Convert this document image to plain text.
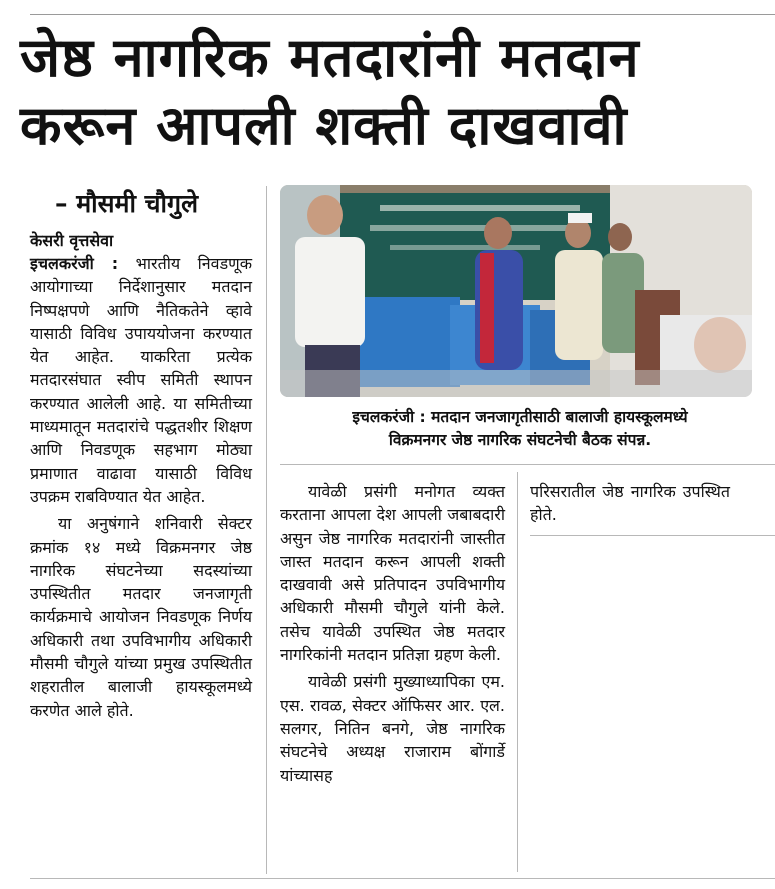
जेष्ठ नागरिक मतदारांनी मतदान
करून आपली शक्ती दाखवावी
– मौसमी चौगुले
केसरी वृत्तसेवा

इचलकरंजी : भारतीय निवडणूक आयोगाच्या निर्देशानुसार मतदान निष्पक्षपणे आणि नैतिकतेने व्हावे यासाठी विविध उपाययोजना करण्यात येत आहेत. याकरिता प्रत्येक मतदारसंघात स्वीप समिती स्थापन करण्यात आलेली आहे. या समितीच्या माध्यमातून मतदारांचे पद्धतशीर शिक्षण आणि निवडणूक सहभाग मोठ्या प्रमाणात वाढावा यासाठी विविध उपक्रम राबविण्यात येत आहेत.

या अनुषंगाने शनिवारी सेक्टर क्रमांक १४ मध्ये विक्रमनगर जेष्ठ नागरिक संघटनेच्या सदस्यांच्या उपस्थितीत मतदार जनजागृती कार्यक्रमाचे आयोजन निवडणूक निर्णय अधिकारी तथा उपविभागीय अधिकारी मौसमी चौगुले यांच्या प्रमुख उपस्थितीत शहरातील बालाजी हायस्कूलमध्ये करणेत आले होते.

इचलकरंजी : मतदान जनजागृतीसाठी बालाजी हायस्कूलमध्ये
विक्रमनगर जेष्ठ नागरिक संघटनेची बैठक संपन्न.

यावेळी प्रसंगी मनोगत व्यक्त करताना आपला देश आपली जबाबदारी असुन जेष्ठ नागरिक मतदारांनी जास्तीत जास्त मतदान करून आपली शक्ती दाखवावी असे प्रतिपादन उपविभागीय अधिकारी मौसमी चौगुले यांनी केले. तसेच यावेळी उपस्थित जेष्ठ मतदार नागरिकांनी मतदान प्रतिज्ञा ग्रहण केली.

यावेळी प्रसंगी मुख्याध्यापिका एम. एस. रावळ, सेक्टर ऑफिसर आर. एल. सलगर, नितिन बनगे, जेष्ठ नागरिक संघटनेचे अध्यक्ष राजाराम बोंगार्डे यांच्यासह

परिसरातील जेष्ठ नागरिक उपस्थित होते.
